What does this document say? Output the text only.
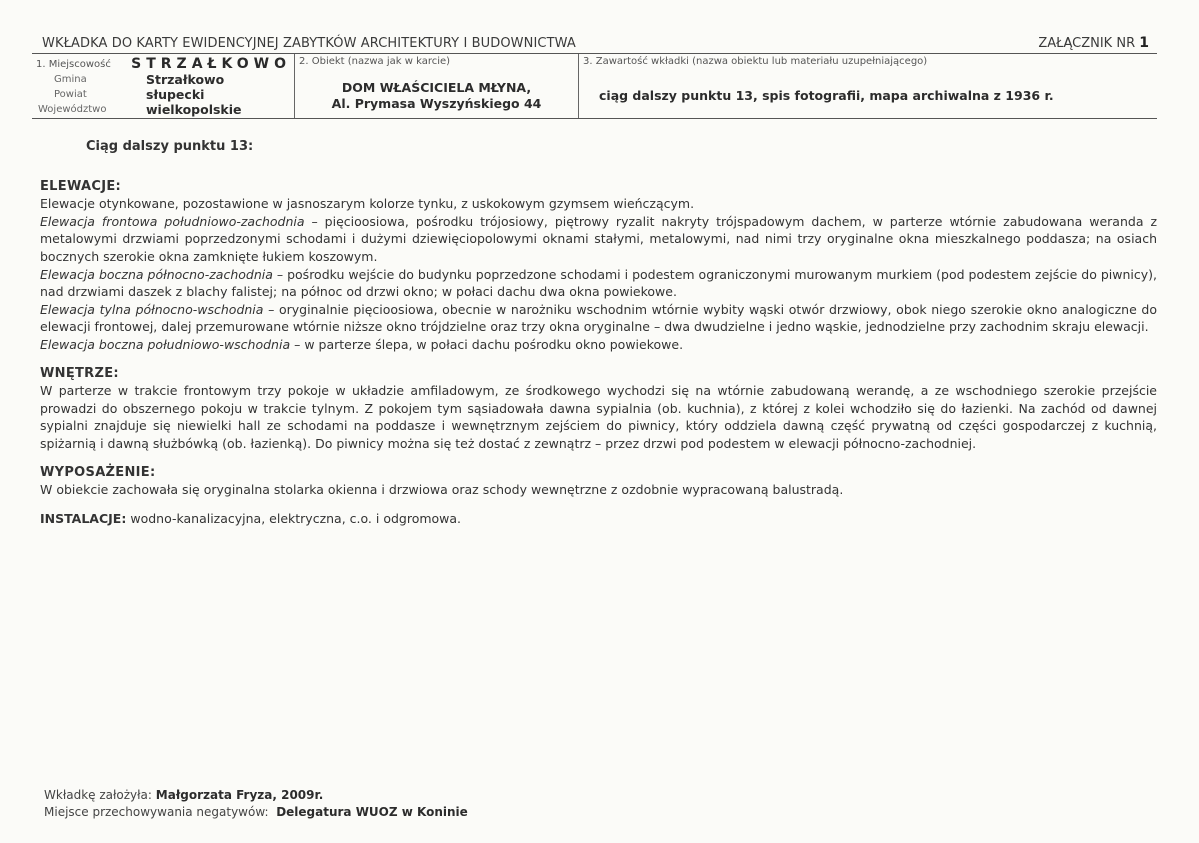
WKŁADKA DO KARTY EWIDENCYJNEJ ZABYTKÓW ARCHITEKTURY I BUDOWNICTWA	ZAŁĄCZNIK NR 1
1. Miejscowość	STRZAŁKOWO
Gmina	Strzałkowo
Powiat	słupecki
Województwo	wielkopolskie
2. Obiekt (nazwa jak w karcie)
DOM WŁAŚCICIELA MŁYNA,
Al. Prymasa Wyszyńskiego 44
3. Zawartość wkładki (nazwa obiektu lub materiału uzupełniającego)
ciąg dalszy punktu 13, spis fotografii, mapa archiwalna z 1936 r.
Ciąg dalszy punktu 13:
ELEWACJE:
Elewacje otynkowane, pozostawione w jasnoszarym kolorze tynku, z uskokowym gzymsem wieńczącym.
Elewacja frontowa południowo-zachodnia – pięcioosiowa, pośrodku trójosiowy, piętrowy ryzalit nakryty trójspadowym dachem, w parterze wtórnie zabudowana weranda z metalowymi drzwiami poprzedzonymi schodami i dużymi dziewięciopolowymi oknami stałymi, metalowymi, nad nimi trzy oryginalne okna mieszkalnego poddasza; na osiach bocznych szerokie okna zamknięte łukiem koszowym.
Elewacja boczna północno-zachodnia – pośrodku wejście do budynku poprzedzone schodami i podestem ograniczonymi murowanym murkiem (pod podestem zejście do piwnicy), nad drzwiami daszek z blachy falistej; na północ od drzwi okno; w połaci dachu dwa okna powiekowe.
Elewacja tylna północno-wschodnia – oryginalnie pięcioosiowa, obecnie w narożniku wschodnim wtórnie wybity wąski otwór drzwiowy, obok niego szerokie okno analogiczne do elewacji frontowej, dalej przemurowane wtórnie niższe okno trójdzielne oraz trzy okna oryginalne – dwa dwudzielne i jedno wąskie, jednodzielne przy zachodnim skraju elewacji.
Elewacja boczna południowo-wschodnia – w parterze ślepa, w połaci dachu pośrodku okno powiekowe.
WNĘTRZE:
W parterze w trakcie frontowym trzy pokoje w układzie amfiladowym, ze środkowego wychodzi się na wtórnie zabudowaną werandę, a ze wschodniego szerokie przejście prowadzi do obszernego pokoju w trakcie tylnym. Z pokojem tym sąsiadowała dawna sypialnia (ob. kuchnia), z której z kolei wchodziło się do łazienki. Na zachód od dawnej sypialni znajduje się niewielki hall ze schodami na poddasze i wewnętrznym zejściem do piwnicy, który oddziela dawną część prywatną od części gospodarczej z kuchnią, spiżarnią i dawną służbówką (ob. łazienką). Do piwnicy można się też dostać z zewnątrz – przez drzwi pod podestem w elewacji północno-zachodniej.
WYPOSAŻENIE:
W obiekcie zachowała się oryginalna stolarka okienna i drzwiowa oraz schody wewnętrzne z ozdobnie wypracowaną balustradą.
INSTALACJE: wodno-kanalizacyjna, elektryczna, c.o. i odgromowa.
Wkładkę założyła: Małgorzata Fryza, 2009r.
Miejsce przechowywania negatywów: Delegatura WUOZ w Koninie
